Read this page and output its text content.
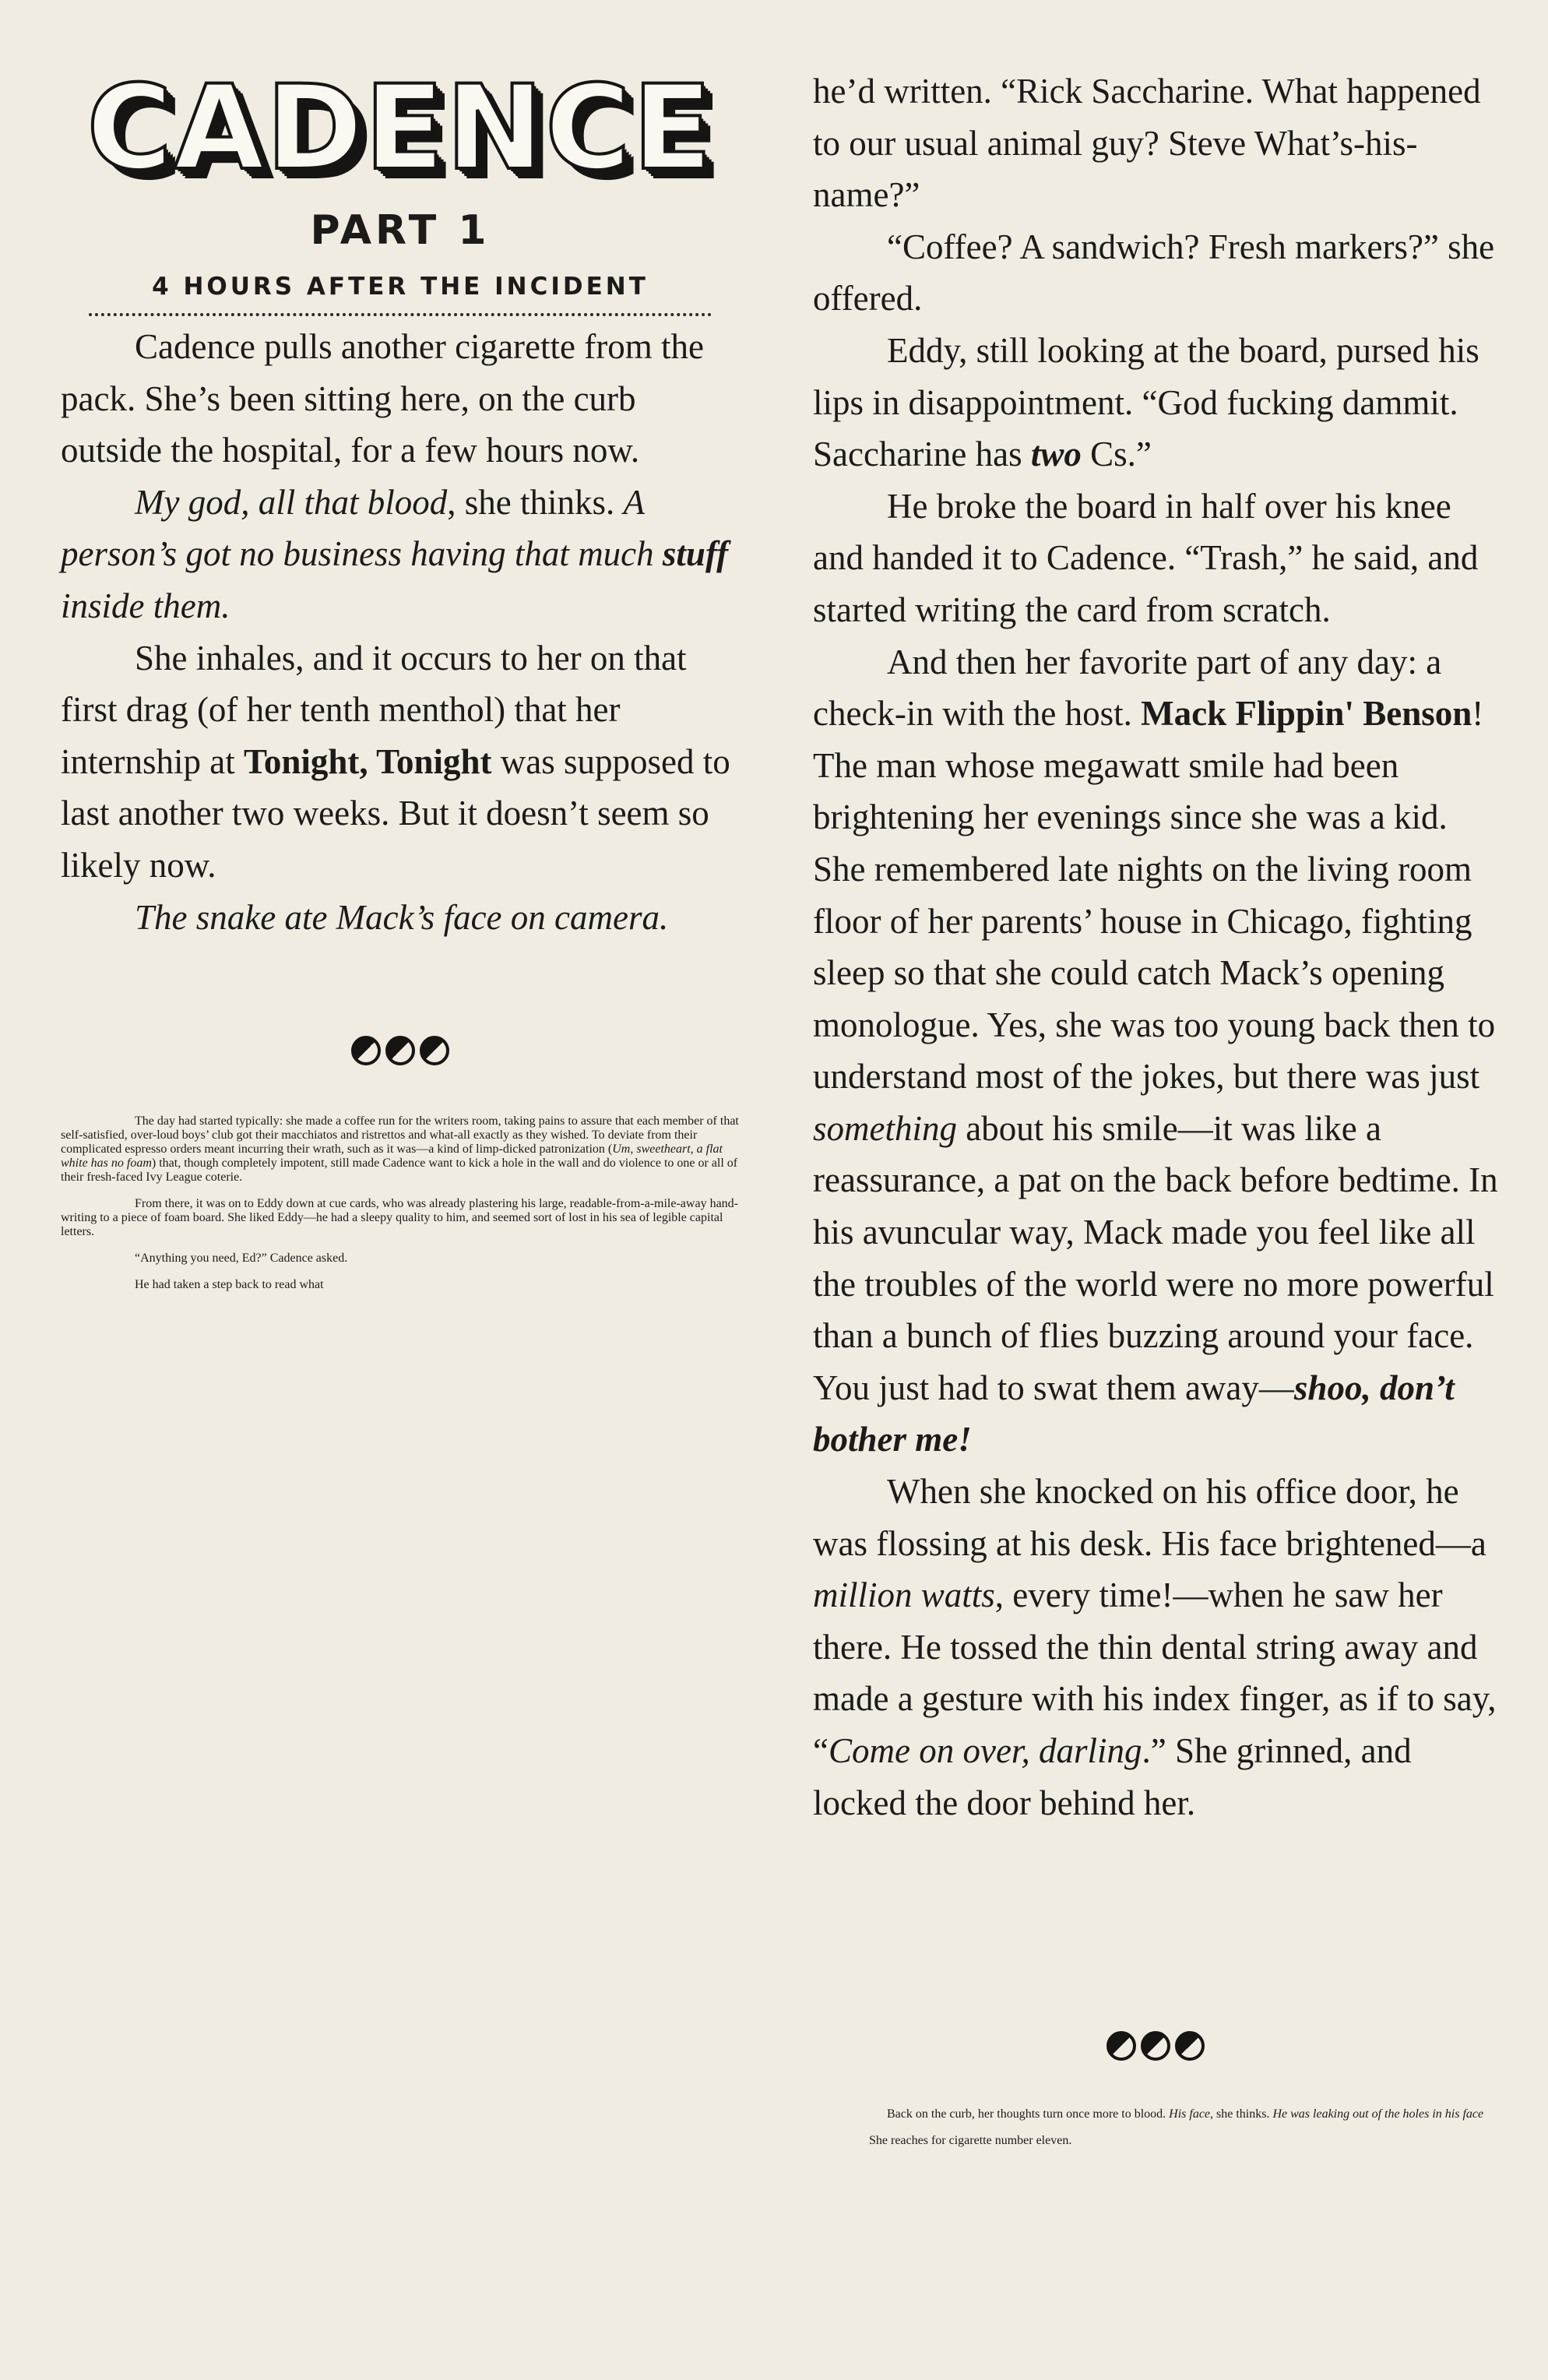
CADENCE
PART 1
4 HOURS AFTER THE INCIDENT

Cadence pulls another cigarette from the pack. She’s been sitting here, on the curb outside the hospital, for a few hours now.

My god, all that blood, she thinks. A person’s got no business having that much stuff inside them.

She inhales, and it occurs to her on that first drag (of her tenth menthol) that her internship at Tonight, Tonight was supposed to last another two weeks. But it doesn’t seem so likely now.

The snake ate Mack’s face on camera.

The day had started typically: she made a coffee run for the writers room, taking pains to assure that each member of that self-satisfied, over-loud boys’ club got their macchiatos and ristrettos and what-all exactly as they wished. To deviate from their complicated espresso orders meant incurring their wrath, such as it was—a kind of limp-dicked patronization (Um, sweetheart, a flat white has no foam) that, though completely impotent, still made Cadence want to kick a hole in the wall and do violence to one or all of their fresh-faced Ivy League coterie.

From there, it was on to Eddy down at cue cards, who was already plastering his large, readable-from-a-mile-away hand-writing to a piece of foam board. She liked Eddy—he had a sleepy quality to him, and seemed sort of lost in his sea of legible capital letters.

“Anything you need, Ed?” Cadence asked.

He had taken a step back to read what

he’d written. “Rick Saccharine. What happened to our usual animal guy? Steve What’s-his-name?”

“Coffee? A sandwich? Fresh markers?” she offered.

Eddy, still looking at the board, pursed his lips in disappointment. “God fucking dammit. Saccharine has two Cs.”

He broke the board in half over his knee and handed it to Cadence. “Trash,” he said, and started writing the card from scratch.

And then her favorite part of any day: a check-in with the host. Mack Flippin' Benson! The man whose megawatt smile had been brightening her evenings since she was a kid. She remembered late nights on the living room floor of her parents’ house in Chicago, fighting sleep so that she could catch Mack’s opening monologue. Yes, she was too young back then to understand most of the jokes, but there was just something about his smile—it was like a reassurance, a pat on the back before bedtime. In his avuncular way, Mack made you feel like all the troubles of the world were no more powerful than a bunch of flies buzzing around your face. You just had to swat them away—shoo, don’t bother me!

When she knocked on his office door, he was flossing at his desk. His face brightened—a million watts, every time!—when he saw her there. He tossed the thin dental string away and made a gesture with his index finger, as if to say, “Come on over, darling.” She grinned, and locked the door behind her.

Back on the curb, her thoughts turn once more to blood. His face, she thinks. He was leaking out of the holes in his face

She reaches for cigarette number eleven.
